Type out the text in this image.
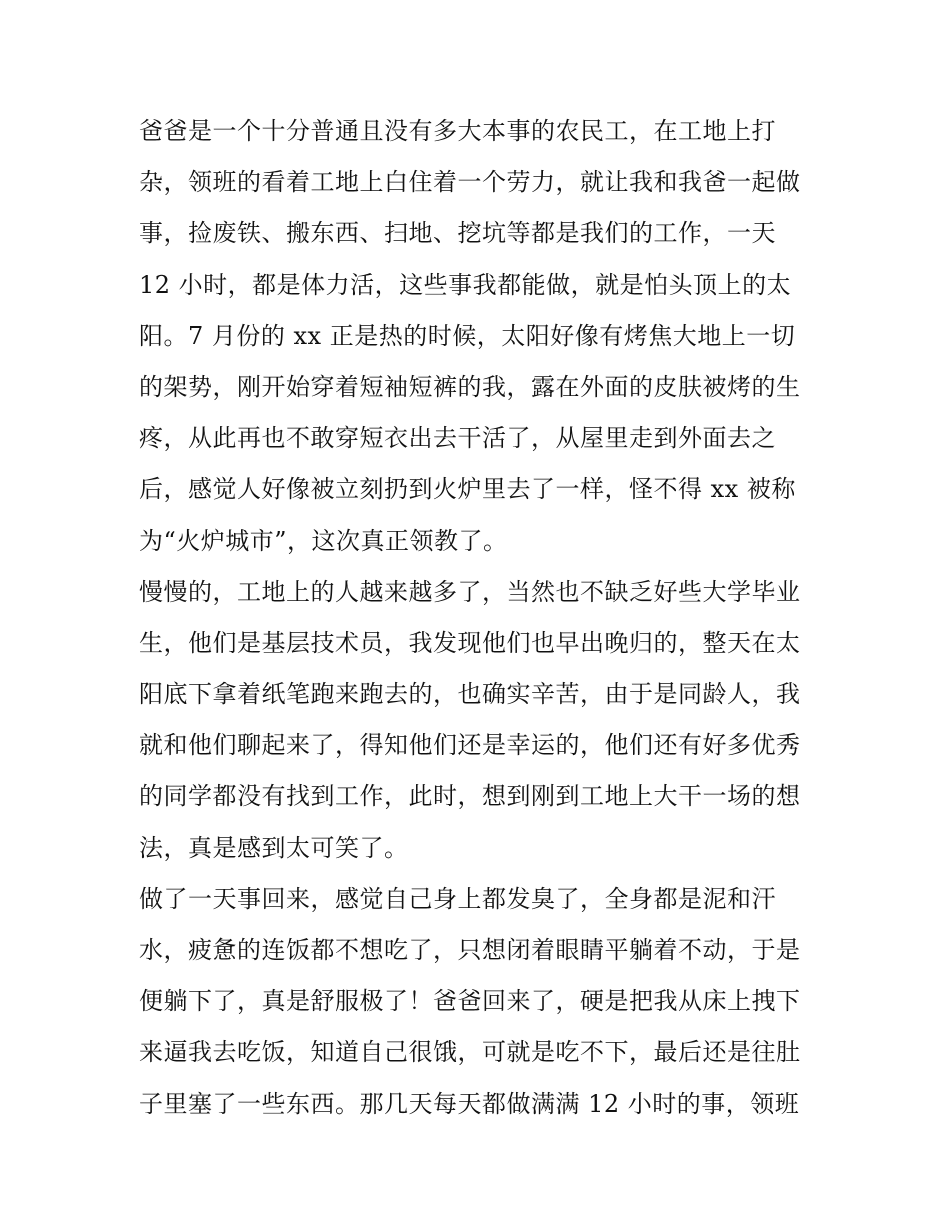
爸爸是一个十分普通且没有多大本事的农民工，在工地上打
杂，领班的看着工地上白住着一个劳力，就让我和我爸一起做
事，捡废铁、搬东西、扫地、挖坑等都是我们的工作，一天
12 小时，都是体力活，这些事我都能做，就是怕头顶上的太
阳。7 月份的 xx 正是热的时候，太阳好像有烤焦大地上一切
的架势，刚开始穿着短袖短裤的我，露在外面的皮肤被烤的生
疼，从此再也不敢穿短衣出去干活了，从屋里走到外面去之
后，感觉人好像被立刻扔到火炉里去了一样，怪不得 xx 被称
为“火炉城市”，这次真正领教了。

慢慢的，工地上的人越来越多了，当然也不缺乏好些大学毕业
生，他们是基层技术员，我发现他们也早出晚归的，整天在太
阳底下拿着纸笔跑来跑去的，也确实辛苦，由于是同龄人，我
就和他们聊起来了，得知他们还是幸运的，他们还有好多优秀
的同学都没有找到工作，此时，想到刚到工地上大干一场的想
法，真是感到太可笑了。

做了一天事回来，感觉自己身上都发臭了，全身都是泥和汗
水，疲惫的连饭都不想吃了，只想闭着眼睛平躺着不动，于是
便躺下了，真是舒服极了！爸爸回来了，硬是把我从床上拽下
来逼我去吃饭，知道自己很饿，可就是吃不下，最后还是往肚
子里塞了一些东西。那几天每天都做满满 12 小时的事，领班
